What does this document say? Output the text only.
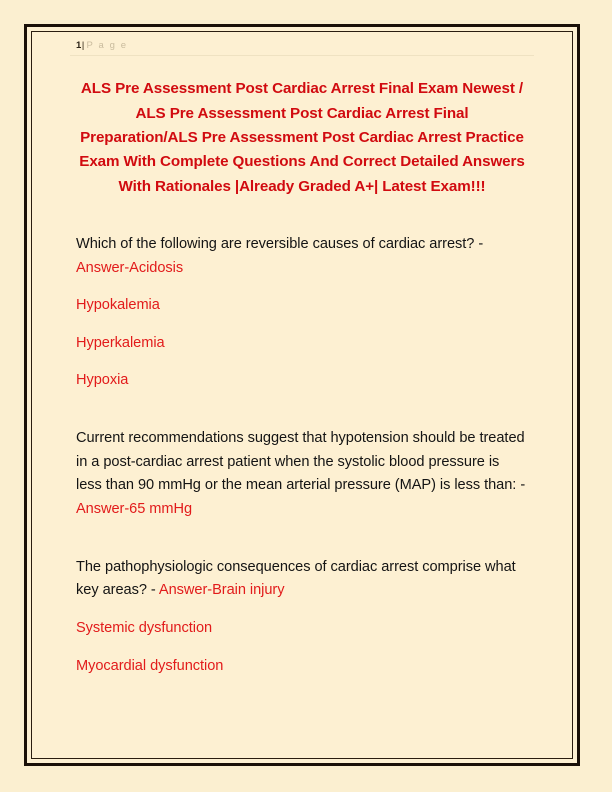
1|P a g e
ALS Pre Assessment Post Cardiac Arrest Final Exam Newest / ALS Pre Assessment Post Cardiac Arrest Final Preparation/ALS Pre Assessment Post Cardiac Arrest Practice Exam With Complete Questions And Correct Detailed Answers With Rationales |Already Graded A+| Latest Exam!!!
Which of the following are reversible causes of cardiac arrest? - Answer-Acidosis
Hypokalemia
Hyperkalemia
Hypoxia
Current recommendations suggest that hypotension should be treated in a post-cardiac arrest patient when the systolic blood pressure is less than 90 mmHg or the mean arterial pressure (MAP) is less than: - Answer-65 mmHg
The pathophysiologic consequences of cardiac arrest comprise what key areas? - Answer-Brain injury
Systemic dysfunction
Myocardial dysfunction
